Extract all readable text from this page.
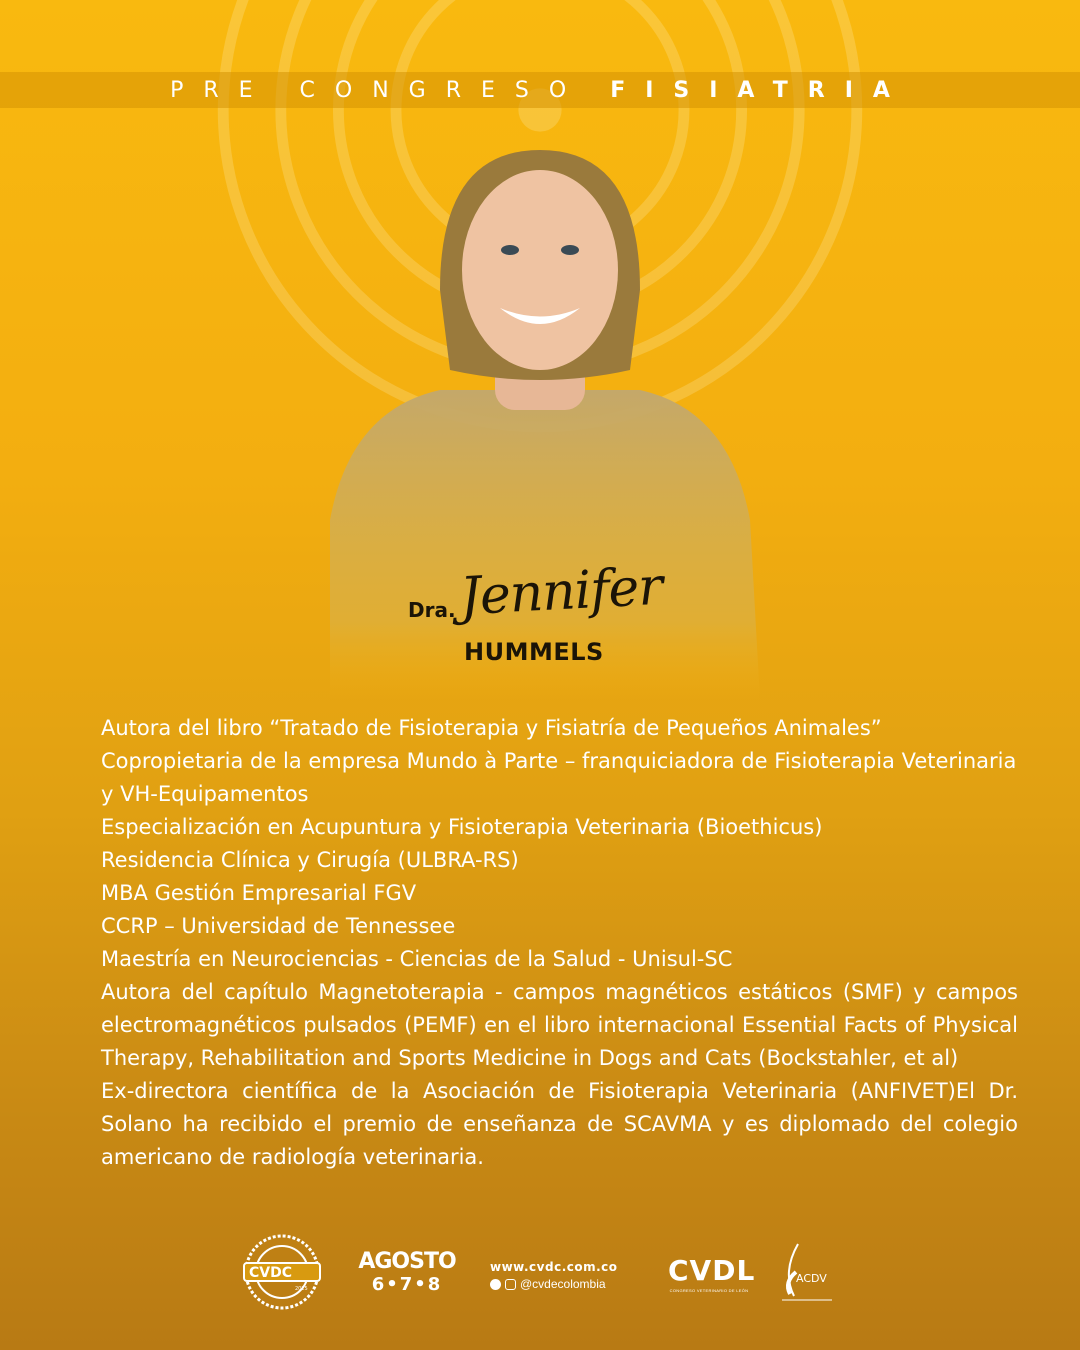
PRE CONGRESO FISIATRIA
Dra. Jennifer
HUMMELS
Autora del libro “Tratado de Fisioterapia y Fisiatría de Pequeños Animales”
Copropietaria de la empresa Mundo à Parte – franquiciadora de Fisioterapia Veterinaria y VH-Equipamentos
Especialización en Acupuntura y Fisioterapia Veterinaria (Bioethicus)
Residencia Clínica y Cirugía (ULBRA-RS)
MBA Gestión Empresarial FGV
CCRP – Universidad de Tennessee
Maestría en Neurociencias - Ciencias de la Salud - Unisul-SC
Autora del capítulo Magnetoterapia - campos magnéticos estáticos (SMF) y campos electromagnéticos pulsados (PEMF) en el libro internacional Essential Facts of Physical Therapy, Rehabilitation and Sports Medicine in Dogs and Cats (Bockstahler, et al)
Ex-directora científica de la Asociación de Fisioterapia Veterinaria (ANFIVET)El Dr. Solano ha recibido el premio de enseñanza de SCAVMA y es diplomado del colegio americano de radiología veterinaria.
CVDC
2025
AGOSTO
6•7•8
www.cvdc.com.co
@cvdecolombia CVDL
CONGRESO VETERINARIO DE LEÓN
ACDV
